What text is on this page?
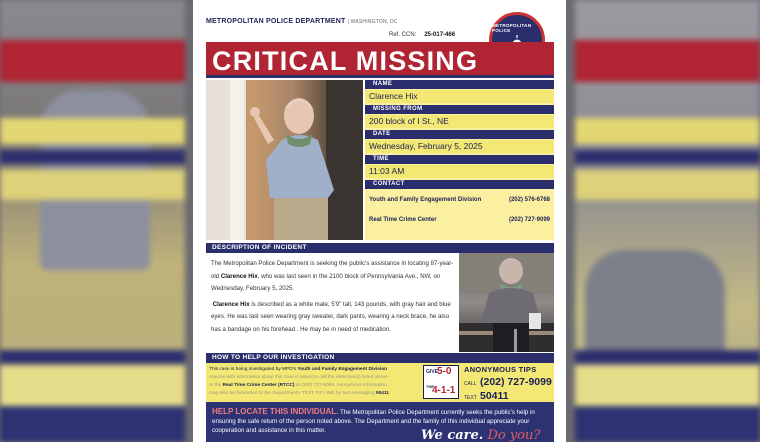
METROPOLITAN POLICE DEPARTMENT | WASHINGTON, DC
Ref. CCN: 25-017-466
METROPOLITAN POLICE
CRITICAL MISSING
NAME
Clarence Hix
MISSING FROM
200 block of I St., NE
DATE
Wednesday, February 5, 2025
TIME
11:03 AM
CONTACT
Youth and Family Engagement Division	(202) 576-6768
Real Time Crime Center	(202) 727-9099
DESCRIPTION OF INCIDENT

The Metropolitan Police Department is seeking the public's assistance in locating 87-year-old Clarence Hix, who was last seen in the 2100 block of Pennsylvania Ave., NW, on Wednesday, February 5, 2025.

Clarence Hix is described as a white male, 5'9" tall, 143 pounds, with gray hair and blue eyes. He was last seen wearing gray sweater, dark pants, wearing a neck brace, he also has a bandage on his forehead . He may be in need of medication.

HOW TO HELP OUR INVESTIGATION
This case is being investigated by MPD's Youth and Family Engagement Division
Anyone with information about this case is asked to call the detective(s) listed above
or the Real Time Crime Center (RTCC) at (202) 727-9099. Anonymous information
may also be forwarded to the Department's TEXT TIP LINE by text messaging 50411
GIVE 5-0
THE
4-1-1
ANONYMOUS TIPS
CALL (202) 727-9099
TEXT 50411
HELP LOCATE THIS INDIVIDUAL. The Metropolitan Police Department currently seeks the public's help in ensuring the safe return of the person noted above. The Department and the family of this individual appreciate your cooperation and assistance in this matter.	We care. Do you?
